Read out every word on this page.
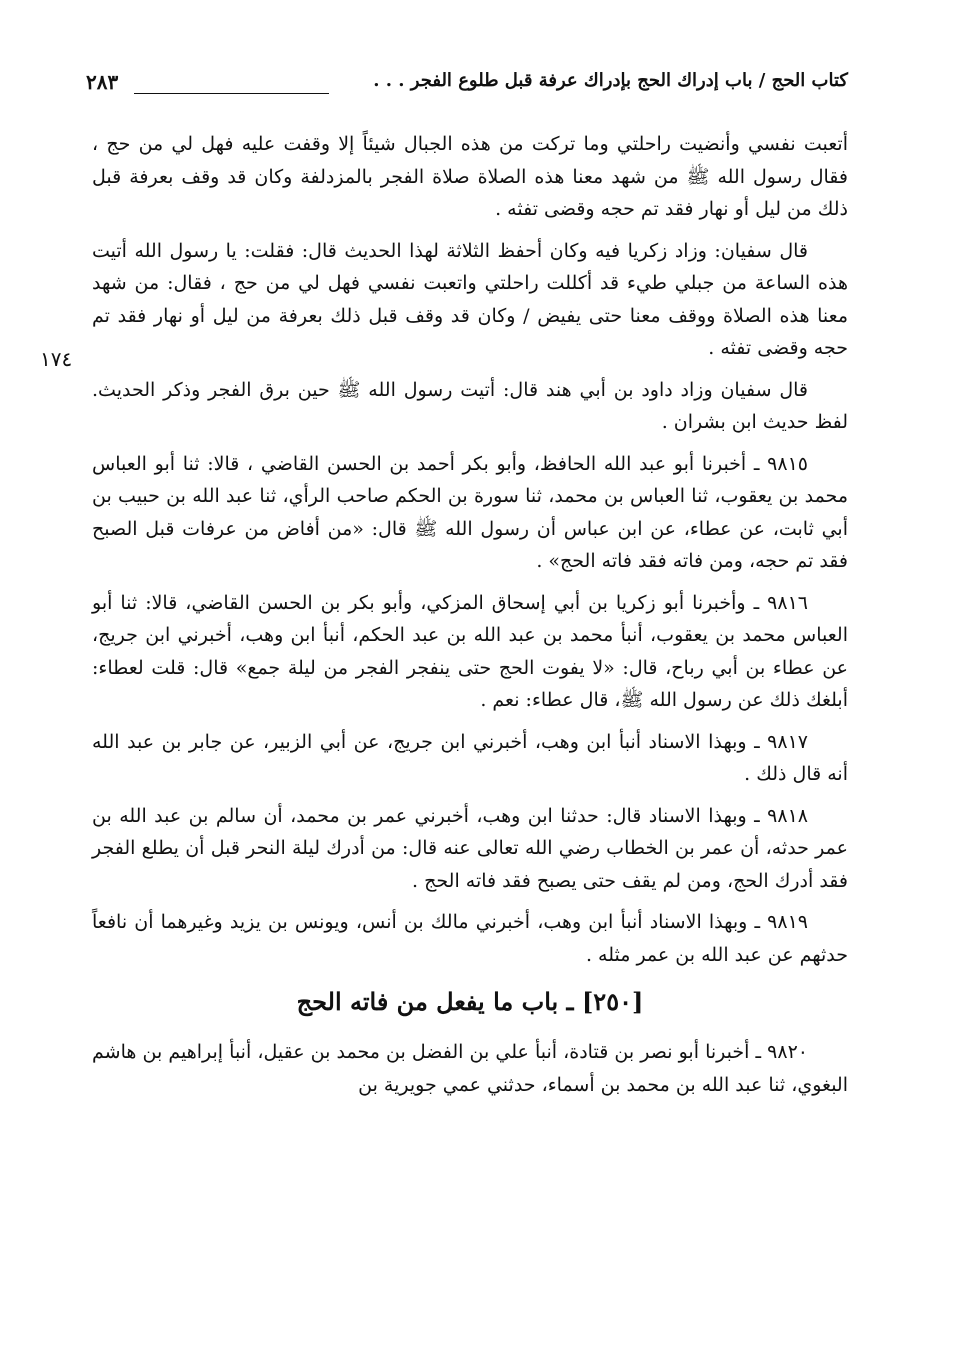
كتاب الحج / باب إدراك الحج بإدراك عرفة قبل طلوع الفجر . . .
٢٨٣
١٧٤

أتعبت نفسي وأنضيت راحلتي وما تركت من هذه الجبال شيئاً إلا وقفت عليه فهل لي من حج ، فقال رسول الله ﷺ من شهد معنا هذه الصلاة صلاة الفجر بالمزدلفة وكان قد وقف بعرفة قبل ذلك من ليل أو نهار فقد تم حجه وقضى تفثه .

قال سفيان: وزاد زكريا فيه وكان أحفظ الثلاثة لهذا الحديث قال: فقلت: يا رسول الله أتيت هذه الساعة من جبلي طيء قد أكللت راحلتي واتعبت نفسي فهل لي من حج ، فقال: من شهد معنا هذه الصلاة ووقف معنا حتى يفيض / وكان قد وقف قبل ذلك بعرفة من ليل أو نهار فقد تم حجه وقضى تفثه .

قال سفيان وزاد داود بن أبي هند قال: أتيت رسول الله ﷺ حين برق الفجر وذكر الحديث. لفظ حديث ابن بشران .

٩٨١٥ ـ أخبرنا أبو عبد الله الحافظ، وأبو بكر أحمد بن الحسن القاضي ، قالا: ثنا أبو العباس محمد بن يعقوب، ثنا العباس بن محمد، ثنا سورة بن الحكم صاحب الرأي، ثنا عبد الله بن حبيب بن أبي ثابت، عن عطاء، عن ابن عباس أن رسول الله ﷺ قال: «من أفاض من عرفات قبل الصبح فقد تم حجه، ومن فاته فقد فاته الحج» .

٩٨١٦ ـ وأخبرنا أبو زكريا بن أبي إسحاق المزكي، وأبو بكر بن الحسن القاضي، قالا: ثنا أبو العباس محمد بن يعقوب، أنبأ محمد بن عبد الله بن عبد الحكم، أنبأ ابن وهب، أخبرني ابن جريج، عن عطاء بن أبي رباح، قال: «لا يفوت الحج حتى ينفجر الفجر من ليلة جمع» قال: قلت لعطاء: أبلغك ذلك عن رسول الله ﷺ، قال عطاء: نعم .

٩٨١٧ ـ وبهذا الاسناد أنبأ ابن وهب، أخبرني ابن جريج، عن أبي الزبير، عن جابر بن عبد الله أنه قال ذلك .

٩٨١٨ ـ وبهذا الاسناد قال: حدثنا ابن وهب، أخبرني عمر بن محمد، أن سالم بن عبد الله بن عمر حدثه، أن عمر بن الخطاب رضي الله تعالى عنه قال: من أدرك ليلة النحر قبل أن يطلع الفجر فقد أدرك الحج، ومن لم يقف حتى يصبح فقد فاته الحج .

٩٨١٩ ـ وبهذا الاسناد أنبأ ابن وهب، أخبرني مالك بن أنس، ويونس بن يزيد وغيرهما أن نافعاً حدثهم عن عبد الله بن عمر مثله .

[٢٥٠] ـ باب ما يفعل من فاته الحج

٩٨٢٠ ـ أخبرنا أبو نصر بن قتادة، أنبأ علي بن الفضل بن محمد بن عقيل، أنبأ إبراهيم بن هاشم البغوي، ثنا عبد الله بن محمد بن أسماء، حدثني عمي جويرية بن
